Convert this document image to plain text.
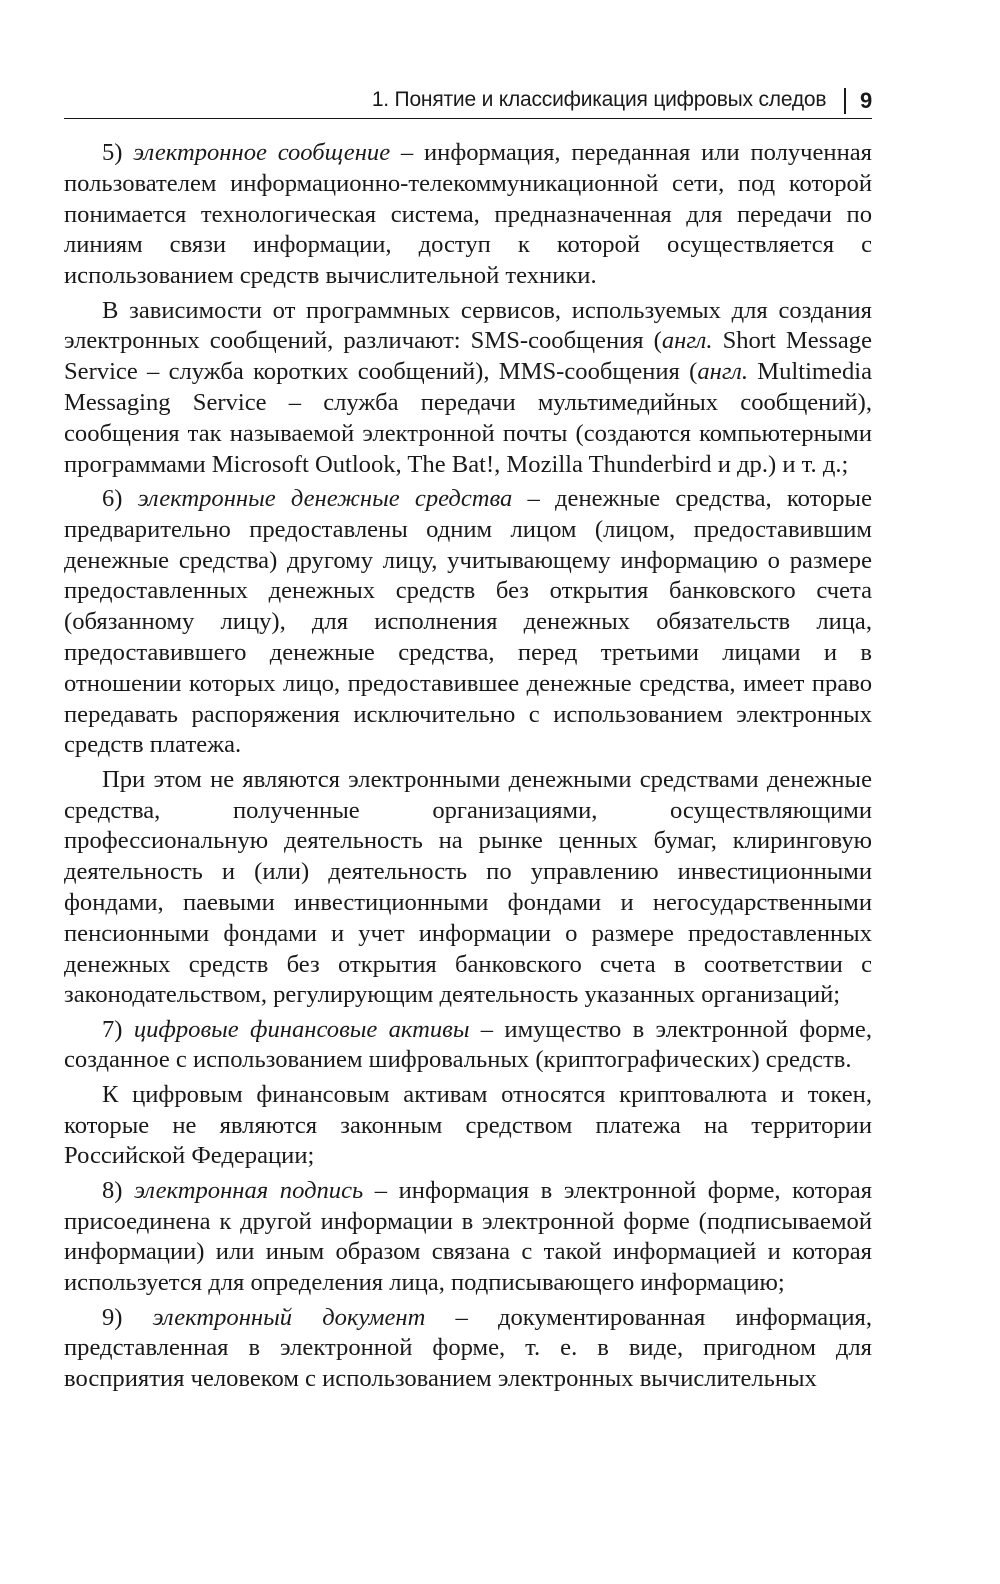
1. Понятие и классификация цифровых следов 9

5) электронное сообщение – информация, переданная или полученная пользователем информационно-телекоммуникационной сети, под которой понимается технологическая система, предназначенная для передачи по линиям связи информации, доступ к которой осуществляется с использованием средств вычислительной техники.

В зависимости от программных сервисов, используемых для создания электронных сообщений, различают: SMS-сообщения (англ. Short Message Service – служба коротких сообщений), MMS-сообщения (англ. Multimedia Messaging Service – служба передачи мультимедийных сообщений), сообщения так называемой электронной почты (создаются компьютерными программами Microsoft Outlook, The Bat!, Mozilla Thunderbird и др.) и т. д.;

6) электронные денежные средства – денежные средства, которые предварительно предоставлены одним лицом (лицом, предоставившим денежные средства) другому лицу, учитывающему информацию о размере предоставленных денежных средств без открытия банковского счета (обязанному лицу), для исполнения денежных обязательств лица, предоставившего денежные средства, перед третьими лицами и в отношении которых лицо, предоставившее денежные средства, имеет право передавать распоряжения исключительно с использованием электронных средств платежа.

При этом не являются электронными денежными средствами денежные средства, полученные организациями, осуществляющими профессиональную деятельность на рынке ценных бумаг, клиринговую деятельность и (или) деятельность по управлению инвестиционными фондами, паевыми инвестиционными фондами и негосударственными пенсионными фондами и учет информации о размере предоставленных денежных средств без открытия банковского счета в соответствии с законодательством, регулирующим деятельность указанных организаций;

7) цифровые финансовые активы – имущество в электронной форме, созданное с использованием шифровальных (криптографических) средств.

К цифровым финансовым активам относятся криптовалюта и токен, которые не являются законным средством платежа на территории Российской Федерации;

8) электронная подпись – информация в электронной форме, которая присоединена к другой информации в электронной форме (подписываемой информации) или иным образом связана с такой информацией и которая используется для определения лица, подписывающего информацию;

9) электронный документ – документированная информация, представленная в электронной форме, т. е. в виде, пригодном для восприятия человеком с использованием электронных вычислительных
